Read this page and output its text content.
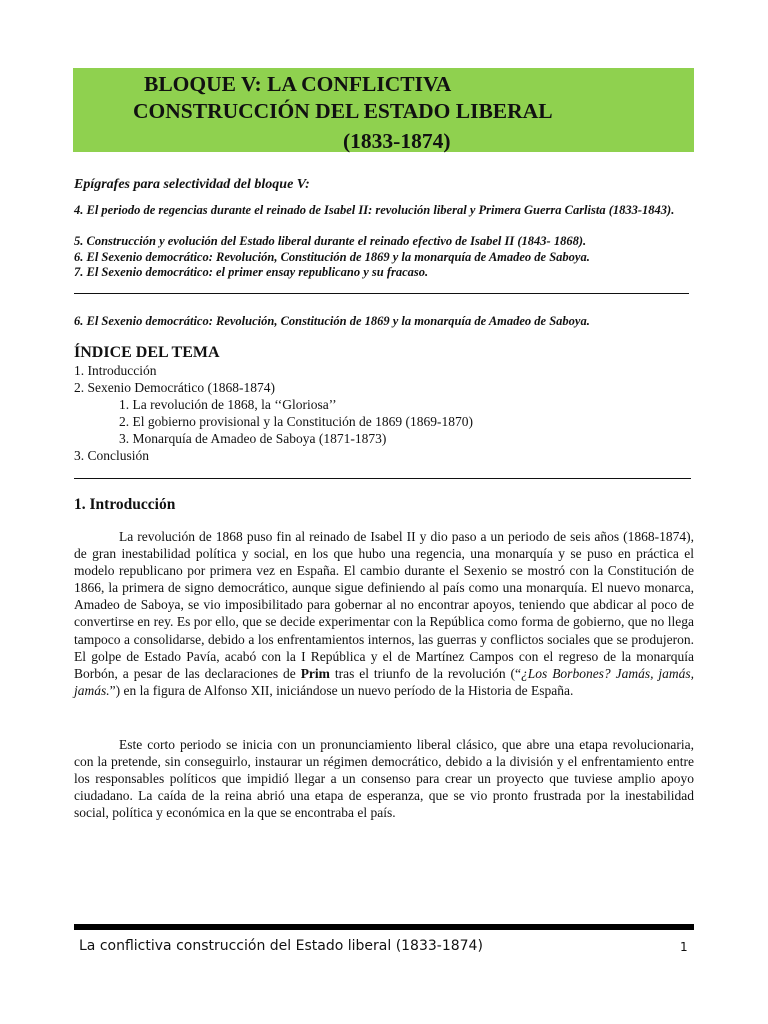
BLOQUE V: LA CONFLICTIVA
CONSTRUCCIÓN DEL ESTADO LIBERAL
(1833-1874)
Epígrafes para selectividad del bloque V:
4. El periodo de regencias durante el reinado de Isabel II: revolución liberal y Primera Guerra Carlista (1833-1843).
5. Construcción y evolución del Estado liberal durante el reinado efectivo de Isabel II (1843- 1868).
6. El Sexenio democrático: Revolución, Constitución de 1869 y la monarquía de Amadeo de Saboya.
7. El Sexenio democrático: el primer ensay republicano y su fracaso.
6. El Sexenio democrático: Revolución, Constitución de 1869 y la monarquía de Amadeo de Saboya.
ÍNDICE DEL TEMA
1. Introducción
2. Sexenio Democrático (1868-1874)
1. La revolución de 1868, la ‘‘Gloriosa’’
2. El gobierno provisional y la Constitución de 1869 (1869-1870)
3. Monarquía de Amadeo de Saboya (1871-1873)
3. Conclusión
1. Introducción

La revolución de 1868 puso fin al reinado de Isabel II y dio paso a un periodo de seis años (1868-1874), de gran inestabilidad política y social, en los que hubo una regencia, una monarquía y se puso en práctica el modelo republicano por primera vez en España. El cambio durante el Sexenio se mostró con la Constitución de 1866, la primera de signo democrático, aunque sigue definiendo al país como una monarquía. El nuevo monarca, Amadeo de Saboya, se vio imposibilitado para gobernar al no encontrar apoyos, teniendo que abdicar al poco de convertirse en rey. Es por ello, que se decide experimentar con la República como forma de gobierno, que no llega tampoco a consolidarse, debido a los enfrentamientos internos, las guerras y conflictos sociales que se produjeron. El golpe de Estado Pavía, acabó con la I República y el de Martínez Campos con el regreso de la monarquía Borbón, a pesar de las declaraciones de Prim tras el triunfo de la revolución (“¿Los Borbones? Jamás, jamás, jamás.”) en la figura de Alfonso XII, iniciándose un nuevo período de la Historia de España.

Este corto periodo se inicia con un pronunciamiento liberal clásico, que abre una etapa revolucionaria, con la pretende, sin conseguirlo, instaurar un régimen democrático, debido a la división y el enfrentamiento entre los responsables políticos que impidió llegar a un consenso para crear un proyecto que tuviese amplio apoyo ciudadano. La caída de la reina abrió una etapa de esperanza, que se vio pronto frustrada por la inestabilidad social, política y económica en la que se encontraba el país.

La conflictiva construcción del Estado liberal (1833-1874)	1
